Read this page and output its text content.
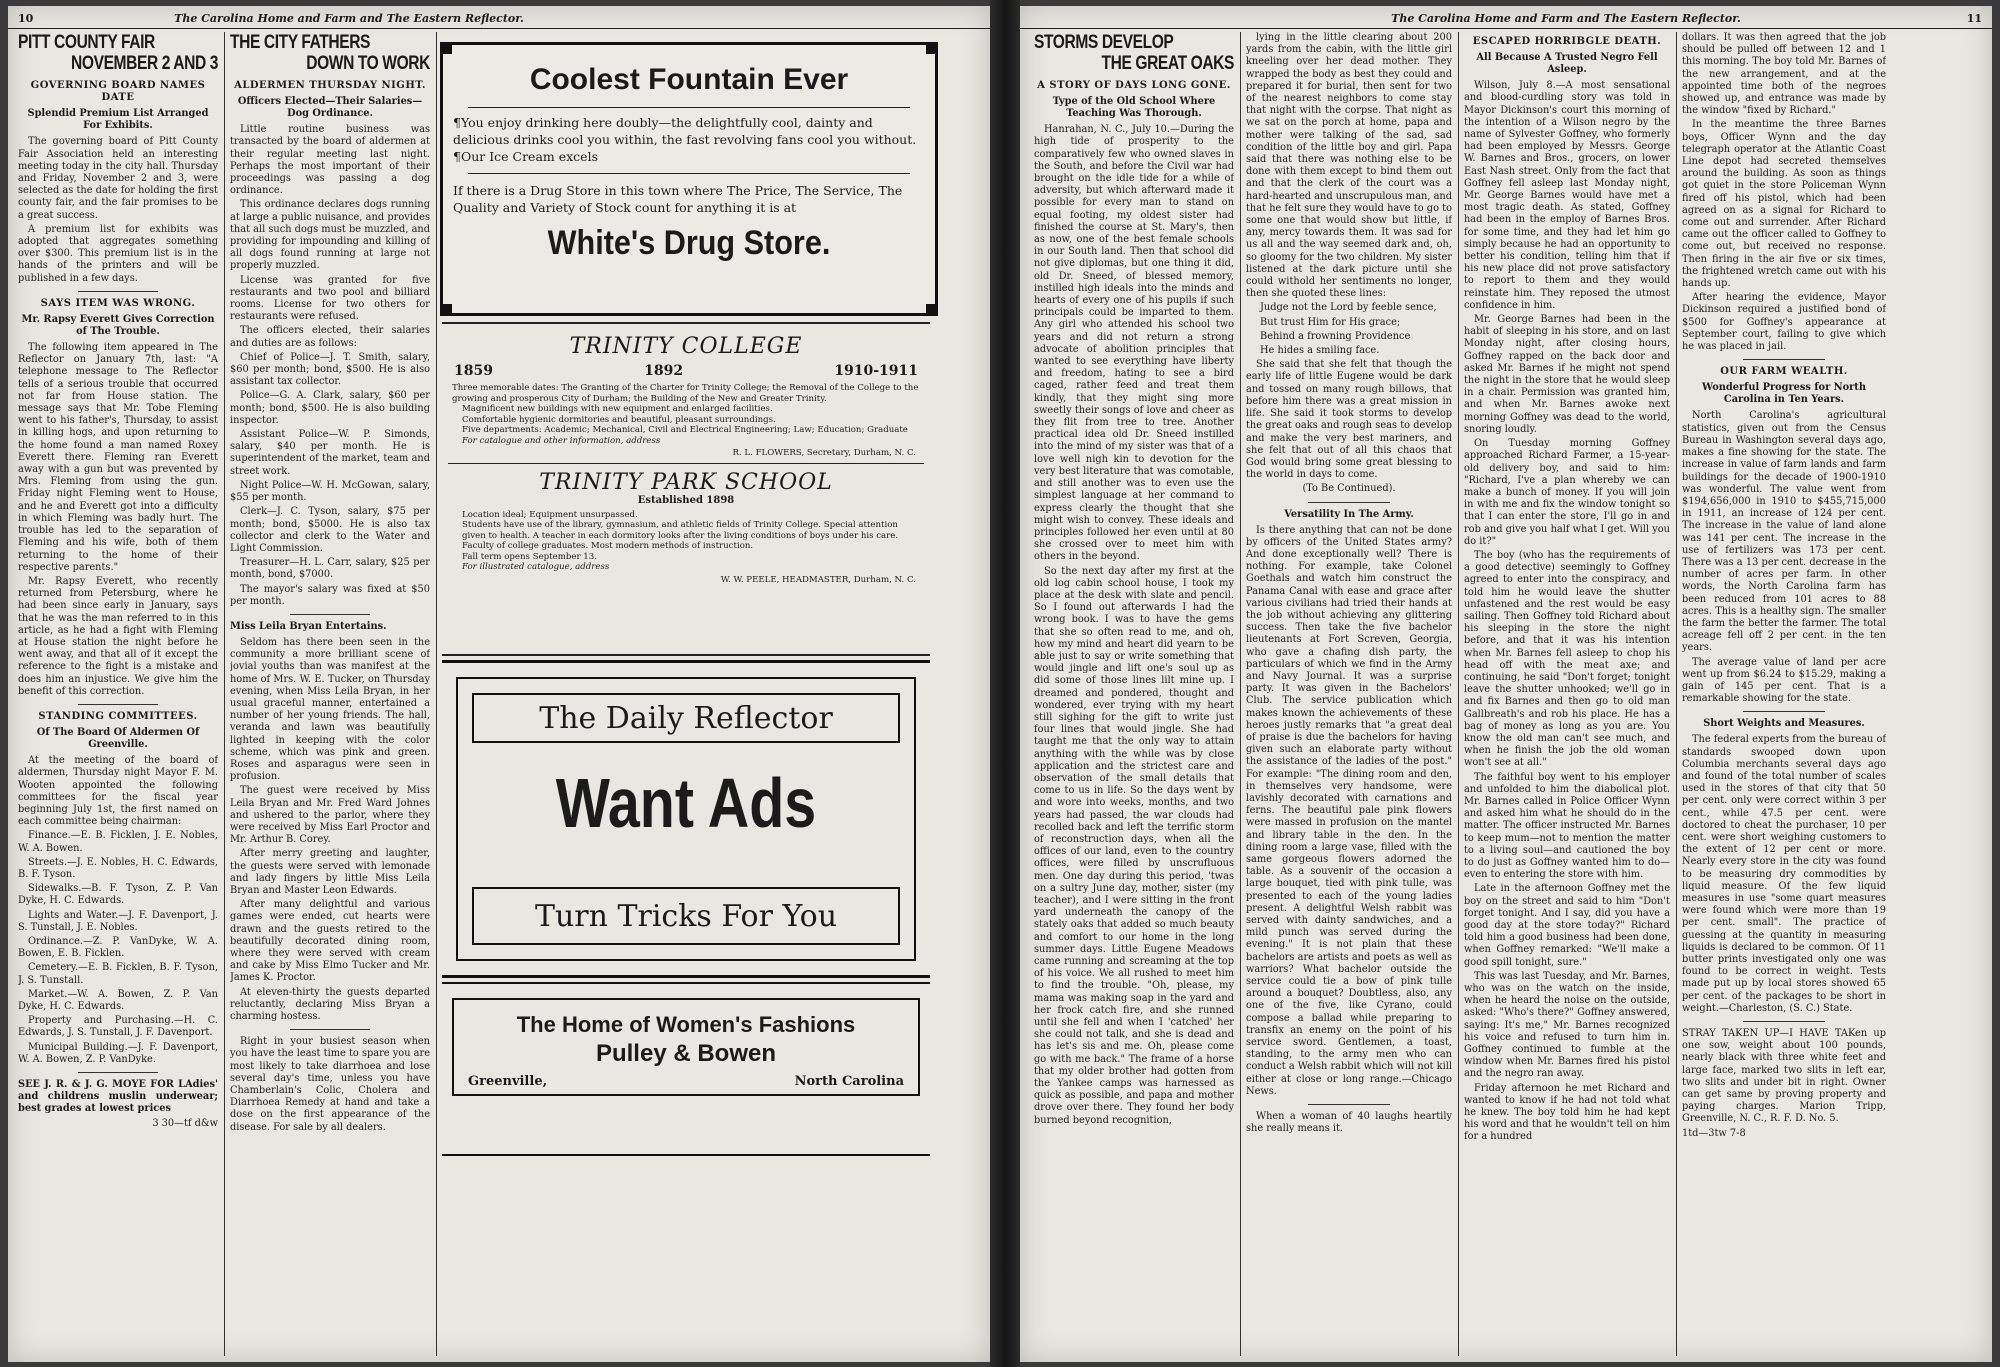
10	The Carolina Home and Farm and The Eastern Reflector.
PITT COUNTY FAIR
NOVEMBER 2 AND 3
GOVERNING BOARD NAMES DATE
Splendid Premium List Arranged For Exhibits.

The governing board of Pitt County Fair Association held an interesting meeting today in the city hall. Thursday and Friday, November 2 and 3, were selected as the date for holding the first county fair, and the fair promises to be a great success.

A premium list for exhibits was adopted that aggregates something over $300. This premium list is in the hands of the printers and will be published in a few days.

SAYS ITEM WAS WRONG.
Mr. Rapsy Everett Gives Correction of The Trouble.

The following item appeared in The Reflector on January 7th, last: "A telephone message to The Reflector tells of a serious trouble that occurred not far from House station. The message says that Mr. Tobe Fleming went to his father's, Thursday, to assist in killing hogs, and upon returning to the home found a man named Roxey Everett there. Fleming ran Everett away with a gun but was prevented by Mrs. Fleming from using the gun. Friday night Fleming went to House, and he and Everett got into a difficulty in which Fleming was badly hurt. The trouble has led to the separation of Fleming and his wife, both of them returning to the home of their respective parents."

Mr. Rapsy Everett, who recently returned from Petersburg, where he had been since early in January, says that he was the man referred to in this article, as he had a fight with Fleming at House station the night before he went away, and that all of it except the reference to the fight is a mistake and does him an injustice. We give him the benefit of this correction.

STANDING COMMITTEES.
Of The Board Of Aldermen Of Greenville.

At the meeting of the board of aldermen, Thursday night Mayor F. M. Wooten appointed the following committees for the fiscal year beginning July 1st, the first named on each committee being chairman:

Finance.—E. B. Ficklen, J. E. Nobles, W. A. Bowen.

Streets.—J. E. Nobles, H. C. Edwards, B. F. Tyson.

Sidewalks.—B. F. Tyson, Z. P. Van Dyke, H. C. Edwards.

Lights and Water.—J. F. Davenport, J. S. Tunstall, J. E. Nobles.

Ordinance.—Z. P. VanDyke, W. A. Bowen, E. B. Ficklen.

Cemetery.—E. B. Ficklen, B. F. Tyson, J. S. Tunstall.

Market.—W. A. Bowen, Z. P. Van Dyke, H. C. Edwards.

Property and Purchasing.—H. C. Edwards, J. S. Tunstall, J. F. Davenport.

Municipal Building.—J. F. Davenport, W. A. Bowen, Z. P. VanDyke.

SEE J. R. & J. G. MOYE FOR LAdies' and childrens muslin underwear; best grades at lowest prices

3 30—tf d&w

THE CITY FATHERS
DOWN TO WORK
ALDERMEN THURSDAY NIGHT.
Officers Elected—Their Salaries—Dog Ordinance.

Little routine business was transacted by the board of aldermen at their regular meeting last night. Perhaps the most important of their proceedings was passing a dog ordinance.

This ordinance declares dogs running at large a public nuisance, and provides that all such dogs must be muzzled, and providing for impounding and killing of all dogs found running at large not properly muzzled.

License was granted for five restaurants and two pool and billiard rooms. License for two others for restaurants were refused.

The officers elected, their salaries and duties are as follows:

Chief of Police—J. T. Smith, salary, $60 per month; bond, $500. He is also assistant tax collector.

Police—G. A. Clark, salary, $60 per month; bond, $500. He is also building inspector.

Assistant Police—W. P. Simonds, salary, $40 per month. He is superintendent of the market, team and street work.

Night Police—W. H. McGowan, salary, $55 per month.

Clerk—J. C. Tyson, salary, $75 per month; bond, $5000. He is also tax collector and clerk to the Water and Light Commission.

Treasurer—H. L. Carr, salary, $25 per month, bond, $7000.

The mayor's salary was fixed at $50 per month.

Miss Leila Bryan Entertains.

Seldom has there been seen in the community a more brilliant scene of jovial youths than was manifest at the home of Mrs. W. E. Tucker, on Thursday evening, when Miss Leila Bryan, in her usual graceful manner, entertained a number of her young friends. The hall, veranda and lawn was beautifully lighted in keeping with the color scheme, which was pink and green. Roses and asparagus were seen in profusion.

The guest were received by Miss Leila Bryan and Mr. Fred Ward Johnes and ushered to the parlor, where they were received by Miss Earl Proctor and Mr. Arthur B. Corey.

After merry greeting and laughter, the guests were served with lemonade and lady fingers by little Miss Leila Bryan and Master Leon Edwards.

After many delightful and various games were ended, cut hearts were drawn and the guests retired to the beautifully decorated dining room, where they were served with cream and cake by Miss Elmo Tucker and Mr. James K. Proctor.

At eleven-thirty the guests departed reluctantly, declaring Miss Bryan a charming hostess.

Right in your busiest season when you have the least time to spare you are most likely to take diarrhoea and lose several day's time, unless you have Chamberlain's Colic, Cholera and Diarrhoea Remedy at hand and take a dose on the first appearance of the disease. For sale by all dealers.

Coolest Fountain Ever

¶You enjoy drinking here doubly—the delightfully cool, dainty and delicious drinks cool you within, the fast revolving fans cool you without. ¶Our Ice Cream excels

If there is a Drug Store in this town where The Price, The Service, The Quality and Variety of Stock count for anything it is at

White's Drug Store.
TRINITY COLLEGE
1859	1892	1910-1911
Three memorable dates: The Granting of the Charter for Trinity College; the Removal of the College to the growing and prosperous City of Durham; the Building of the New and Greater Trinity.
Magnificent new buildings with new equipment and enlarged facilities.
Comfortable hygienic dormitories and beautiful, pleasant surroundings.
Five departments: Academic; Mechanical, Civil and Electrical Engineering; Law; Education; Graduate
For catalogue and other information, address
R. L. FLOWERS, Secretary, Durham, N. C.
TRINITY PARK SCHOOL
Established 1898
Location ideal; Equipment unsurpassed.
Students have use of the library, gymnasium, and athletic fields of Trinity College. Special attention given to health. A teacher in each dormitory looks after the living conditions of boys under his care.
Faculty of college graduates. Most modern methods of instruction.
Fall term opens September 13.
For illustrated catalogue, address
W. W. PEELE, HEADMASTER, Durham, N. C.
The Daily Reflector
Want Ads
Turn Tricks For You
The Home of Women's Fashions
Pulley & Bowen
Greenville,	North Carolina
The Carolina Home and Farm and The Eastern Reflector.	11
STORMS DEVELOP
THE GREAT OAKS
A STORY OF DAYS LONG GONE.
Type of the Old School Where Teaching Was Thorough.

Hanrahan, N. C., July 10.—During the high tide of prosperity to the comparatively few who owned slaves in the South, and before the Civil war had brought on the idle tide for a while of adversity, but which afterward made it possible for every man to stand on equal footing, my oldest sister had finished the course at St. Mary's, then as now, one of the best female schools in our South land. Then that school did not give diplomas, but one thing it did, old Dr. Sneed, of blessed memory, instilled high ideals into the minds and hearts of every one of his pupils if such principals could be imparted to them. Any girl who attended his school two years and did not return a strong advocate of abolition principles that wanted to see everything have liberty and freedom, hating to see a bird caged, rather feed and treat them kindly, that they might sing more sweetly their songs of love and cheer as they flit from tree to tree. Another practical idea old Dr. Sneed instilled into the mind of my sister was that of a love well nigh kin to devotion for the very best literature that was comotable, and still another was to even use the simplest language at her command to express clearly the thought that she might wish to convey. These ideals and principles followed her even until at 80 she crossed over to meet him with others in the beyond.

So the next day after my first at the old log cabin school house, I took my place at the desk with slate and pencil. So I found out afterwards I had the wrong book. I was to have the gems that she so often read to me, and oh, how my mind and heart did yearn to be able just to say or write something that would jingle and lift one's soul up as did some of those lines lilt mine up. I dreamed and pondered, thought and wondered, ever trying with my heart still sighing for the gift to write just four lines that would jingle. She had taught me that the only way to attain anything with the while was by close application and the strictest care and observation of the small details that come to us in life. So the days went by and wore into weeks, months, and two years had passed, the war clouds had recolled back and left the terrific storm of reconstruction days, when all the offices of our land, even to the country offices, were filled by unscrufluous men. One day during this period, 'twas on a sultry June day, mother, sister (my teacher), and I were sitting in the front yard underneath the canopy of the stately oaks that added so much beauty and comfort to our home in the long summer days. Little Eugene Meadows came running and screaming at the top of his voice. We all rushed to meet him to find the trouble. "Oh, please, my mama was making soap in the yard and her frock catch fire, and she runned until she fell and when I 'catched' her she could not talk, and she is dead and has let's sis and me. Oh, please come go with me back." The frame of a horse that my older brother had gotten from the Yankee camps was harnessed as quick as possible, and papa and mother drove over there. They found her body burned beyond recognition,

lying in the little clearing about 200 yards from the cabin, with the little girl kneeling over her dead mother. They wrapped the body as best they could and prepared it for burial, then sent for two of the nearest neighbors to come stay that night with the corpse. That night as we sat on the porch at home, papa and mother were talking of the sad, sad condition of the little boy and girl. Papa said that there was nothing else to be done with them except to bind them out and that the clerk of the court was a hard-hearted and unscrupulous man, and that he felt sure they would have to go to some one that would show but little, if any, mercy towards them. It was sad for us all and the way seemed dark and, oh, so gloomy for the two children. My sister listened at the dark picture until she could withold her sentiments no longer, then she quoted these lines:

Judge not the Lord by feeble sence,

But trust Him for His grace;

Behind a frowning Providence

He hides a smiling face.

She said that she felt that though the early life of little Eugene would be dark and tossed on many rough billows, that before him there was a great mission in life. She said it took storms to develop the great oaks and rough seas to develop and make the very best mariners, and she felt that out of all this chaos that God would bring some great blessing to the world in days to come.

(To Be Continued).

Versatility In The Army.

Is there anything that can not be done by officers of the United States army? And done exceptionally well? There is nothing. For example, take Colonel Goethals and watch him construct the Panama Canal with ease and grace after various civilians had tried their hands at the job without achieving any glittering success. Then take the five bachelor lieutenants at Fort Screven, Georgia, who gave a chafing dish party, the particulars of which we find in the Army and Navy Journal. It was a surprise party. It was given in the Bachelors' Club. The service publication which makes known the achievements of these heroes justly remarks that "a great deal of praise is due the bachelors for having given such an elaborate party without the assistance of the ladies of the post." For example: "The dining room and den, in themselves very handsome, were lavishly decorated with carnations and ferns. The beautiful pale pink flowers were massed in profusion on the mantel and library table in the den. In the dining room a large vase, filled with the same gorgeous flowers adorned the table. As a souvenir of the occasion a large bouquet, tied with pink tulle, was presented to each of the young ladies present. A delightful Welsh rabbit was served with dainty sandwiches, and a mild punch was served during the evening." It is not plain that these bachelors are artists and poets as well as warriors? What bachelor outside the service could tie a bow of pink tulle around a bouquet? Doubtless, also, any one of the five, like Cyrano, could compose a ballad while preparing to transfix an enemy on the point of his service sword. Gentlemen, a toast, standing, to the army men who can conduct a Welsh rabbit which will not kill either at close or long range.—Chicago News.

When a woman of 40 laughs heartily she really means it.

ESCAPED HORRIBGLE DEATH.
All Because A Trusted Negro Fell Asleep.

Wilson, July 8.—A most sensational and blood-curdling story was told in Mayor Dickinson's court this morning of the intention of a Wilson negro by the name of Sylvester Goffney, who formerly had been employed by Messrs. George W. Barnes and Bros., grocers, on lower East Nash street. Only from the fact that Goffney fell asleep last Monday night, Mr. George Barnes would have met a most tragic death. As stated, Goffney had been in the employ of Barnes Bros. for some time, and they had let him go simply because he had an opportunity to better his condition, telling him that if his new place did not prove satisfactory to report to them and they would reinstate him. They reposed the utmost confidence in him.

Mr. George Barnes had been in the habit of sleeping in his store, and on last Monday night, after closing hours, Goffney rapped on the back door and asked Mr. Barnes if he might not spend the night in the store that he would sleep in a chair. Permission was granted him, and when Mr. Barnes awoke next morning Goffney was dead to the world, snoring loudly.

On Tuesday morning Goffney approached Richard Farmer, a 15-year-old delivery boy, and said to him: "Richard, I've a plan whereby we can make a bunch of money. If you will join in with me and fix the window tonight so that I can enter the store, I'll go in and rob and give you half what I get. Will you do it?"

The boy (who has the requirements of a good detective) seemingly to Goffney agreed to enter into the conspiracy, and told him he would leave the shutter unfastened and the rest would be easy sailing. Then Goffney told Richard about his sleeping in the store the night before, and that it was his intention when Mr. Barnes fell asleep to chop his head off with the meat axe; and continuing, he said "Don't forget; tonight leave the shutter unhooked; we'll go in and fix Barnes and then go to old man Gallbreath's and rob his place. He has a bag of money as long as you are. You know the old man can't see much, and when he finish the job the old woman won't see at all."

The faithful boy went to his employer and unfolded to him the diabolical plot. Mr. Barnes called in Police Officer Wynn and asked him what he should do in the matter. The officer instructed Mr. Barnes to keep mum—not to mention the matter to a living soul—and cautioned the boy to do just as Goffney wanted him to do—even to entering the store with him.

Late in the afternoon Goffney met the boy on the street and said to him "Don't forget tonight. And I say, did you have a good day at the store today?" Richard told him a good business had been done, when Goffney remarked: "We'll make a good spill tonight, sure."

This was last Tuesday, and Mr. Barnes, who was on the watch on the inside, when he heard the noise on the outside, asked: "Who's there?" Goffney answered, saying: It's me," Mr. Barnes recognized his voice and refused to turn him in. Goffney continued to fumble at the window when Mr. Barnes fired his pistol and the negro ran away.

Friday afternoon he met Richard and wanted to know if he had not told what he knew. The boy told him he had kept his word and that he wouldn't tell on him for a hundred

dollars. It was then agreed that the job should be pulled off between 12 and 1 this morning. The boy told Mr. Barnes of the new arrangement, and at the appointed time both of the negroes showed up, and entrance was made by the window "fixed by Richard."

In the meantime the three Barnes boys, Officer Wynn and the day telegraph operator at the Atlantic Coast Line depot had secreted themselves around the building. As soon as things got quiet in the store Policeman Wynn fired off his pistol, which had been agreed on as a signal for Richard to come out and surrender. After Richard came out the officer called to Goffney to come out, but received no response. Then firing in the air five or six times, the frightened wretch came out with his hands up.

After hearing the evidence, Mayor Dickinson required a justified bond of $500 for Goffney's appearance at September court, failing to give which he was placed in jail.

OUR FARM WEALTH.
Wonderful Progress for North Carolina in Ten Years.

North Carolina's agricultural statistics, given out from the Census Bureau in Washington several days ago, makes a fine showing for the state. The increase in value of farm lands and farm buildings for the decade of 1900-1910 was wonderful. The value went from $194,656,000 in 1910 to $455,715,000 in 1911, an increase of 124 per cent. The increase in the value of land alone was 141 per cent. The increase in the use of fertilizers was 173 per cent. There was a 13 per cent. decrease in the number of acres per farm. In other words, the North Carolina farm has been reduced from 101 acres to 88 acres. This is a healthy sign. The smaller the farm the better the farmer. The total acreage fell off 2 per cent. in the ten years.

The average value of land per acre went up from $6.24 to $15.29, making a gain of 145 per cent. That is a remarkable showing for the state.

Short Weights and Measures.

The federal experts from the bureau of standards swooped down upon Columbia merchants several days ago and found of the total number of scales used in the stores of that city that 50 per cent. only were correct within 3 per cent., while 47.5 per cent. were doctored to cheat the purchaser, 10 per cent. were short weighing customers to the extent of 12 per cent or more. Nearly every store in the city was found to be measuring dry commodities by liquid measure. Of the few liquid measures in use "some quart measures were found which were more than 19 per cent. small". The practice of guessing at the quantity in measuring liquids is declared to be common. Of 11 butter prints investigated only one was found to be correct in weight. Tests made put up by local stores showed 65 per cent. of the packages to be short in weight.—Charleston, (S. C.) State.

STRAY TAKEN UP—I HAVE TAKen up one sow, weight about 100 pounds, nearly black with three white feet and large face, marked two slits in left ear, two slits and under bit in right. Owner can get same by proving property and paying charges. Marion Tripp, Greenville, N. C., R. F. D. No. 5.

1td—3tw 7-8
